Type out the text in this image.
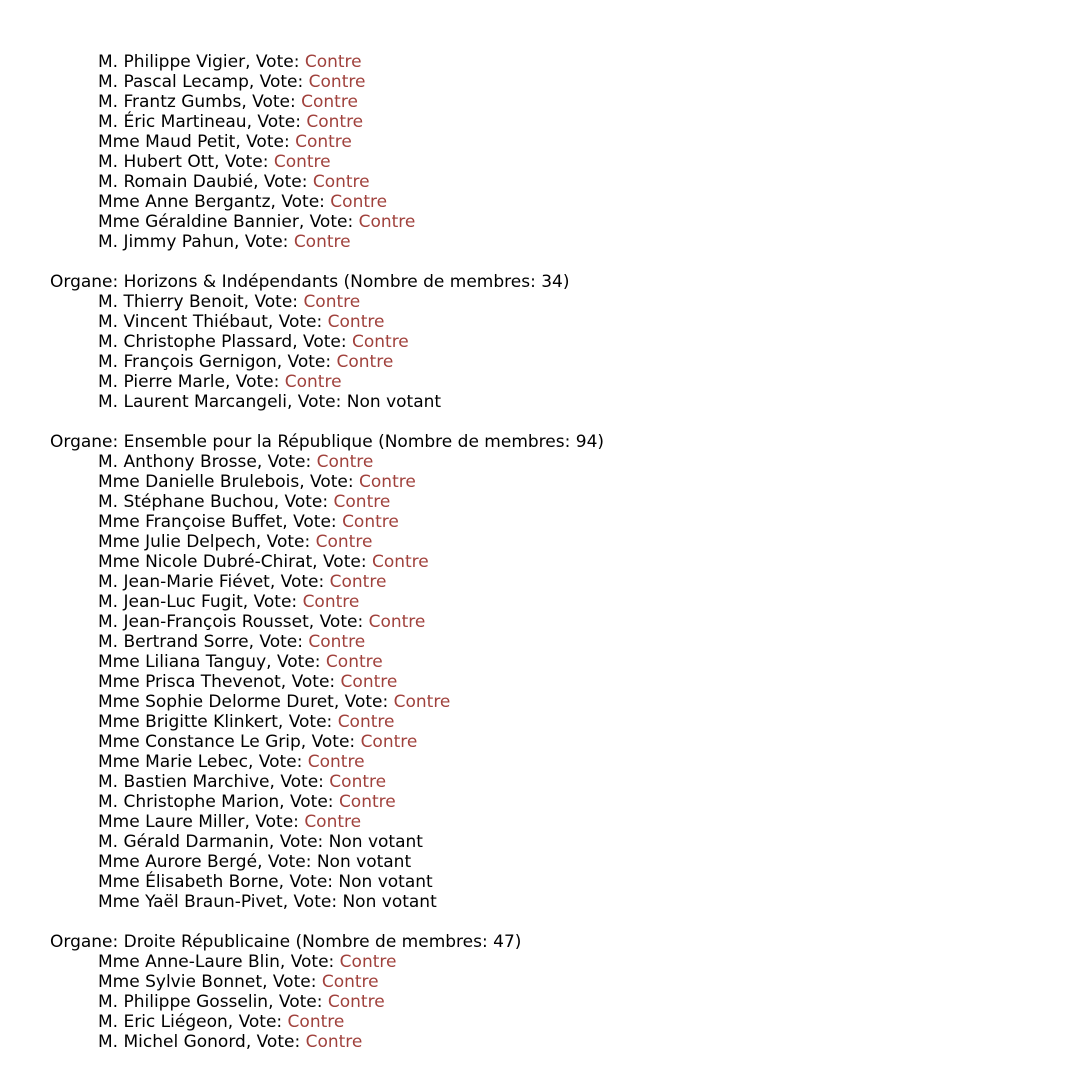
M. Philippe Vigier, Vote: Contre
M. Pascal Lecamp, Vote: Contre
M. Frantz Gumbs, Vote: Contre
M. Éric Martineau, Vote: Contre
Mme Maud Petit, Vote: Contre
M. Hubert Ott, Vote: Contre
M. Romain Daubié, Vote: Contre
Mme Anne Bergantz, Vote: Contre
Mme Géraldine Bannier, Vote: Contre
M. Jimmy Pahun, Vote: Contre
Organe: Horizons & Indépendants (Nombre de membres: 34)
M. Thierry Benoit, Vote: Contre
M. Vincent Thiébaut, Vote: Contre
M. Christophe Plassard, Vote: Contre
M. François Gernigon, Vote: Contre
M. Pierre Marle, Vote: Contre
M. Laurent Marcangeli, Vote: Non votant
Organe: Ensemble pour la République (Nombre de membres: 94)
M. Anthony Brosse, Vote: Contre
Mme Danielle Brulebois, Vote: Contre
M. Stéphane Buchou, Vote: Contre
Mme Françoise Buffet, Vote: Contre
Mme Julie Delpech, Vote: Contre
Mme Nicole Dubré-Chirat, Vote: Contre
M. Jean-Marie Fiévet, Vote: Contre
M. Jean-Luc Fugit, Vote: Contre
M. Jean-François Rousset, Vote: Contre
M. Bertrand Sorre, Vote: Contre
Mme Liliana Tanguy, Vote: Contre
Mme Prisca Thevenot, Vote: Contre
Mme Sophie Delorme Duret, Vote: Contre
Mme Brigitte Klinkert, Vote: Contre
Mme Constance Le Grip, Vote: Contre
Mme Marie Lebec, Vote: Contre
M. Bastien Marchive, Vote: Contre
M. Christophe Marion, Vote: Contre
Mme Laure Miller, Vote: Contre
M. Gérald Darmanin, Vote: Non votant
Mme Aurore Bergé, Vote: Non votant
Mme Élisabeth Borne, Vote: Non votant
Mme Yaël Braun-Pivet, Vote: Non votant
Organe: Droite Républicaine (Nombre de membres: 47)
Mme Anne-Laure Blin, Vote: Contre
Mme Sylvie Bonnet, Vote: Contre
M. Philippe Gosselin, Vote: Contre
M. Eric Liégeon, Vote: Contre
M. Michel Gonord, Vote: Contre
